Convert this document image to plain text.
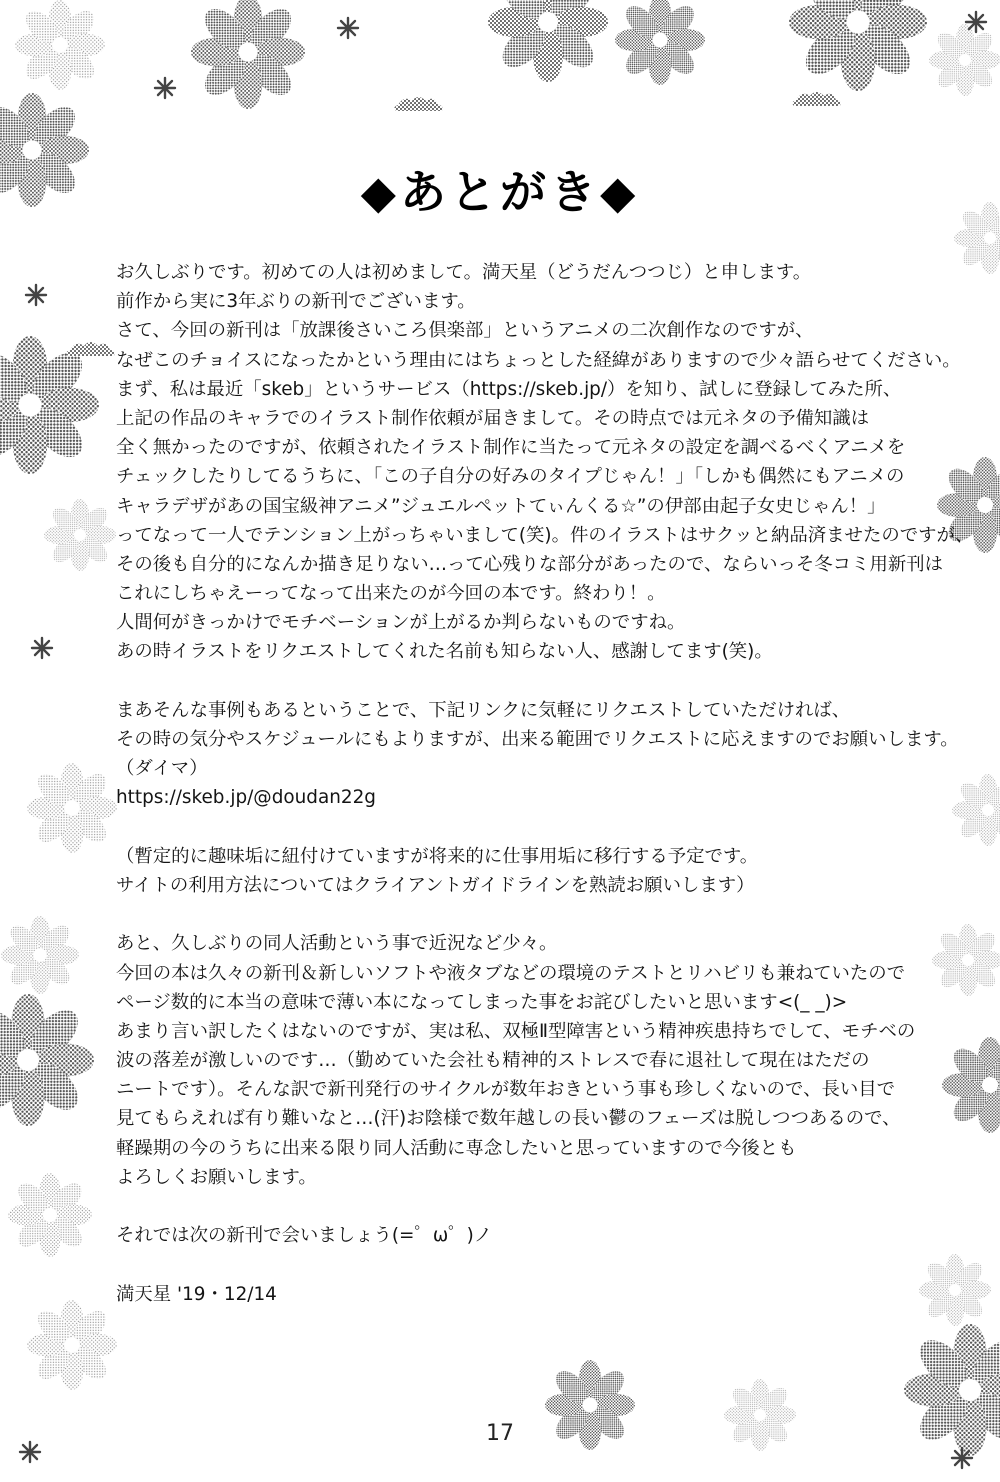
◆あとがき◆
お久しぶりです。初めての人は初めまして。満天星（どうだんつつじ）と申します。
前作から実に3年ぶりの新刊でございます。
さて、今回の新刊は「放課後さいころ倶楽部」というアニメの二次創作なのですが、
なぜこのチョイスになったかという理由にはちょっとした経緯がありますので少々語らせてください。
まず、私は最近「skeb」というサービス（https://skeb.jp/）を知り、試しに登録してみた所、
上記の作品のキャラでのイラスト制作依頼が届きまして。その時点では元ネタの予備知識は
全く無かったのですが、依頼されたイラスト制作に当たって元ネタの設定を調べるべくアニメを
チェックしたりしてるうちに、「この子自分の好みのタイプじゃん！」「しかも偶然にもアニメの
キャラデザがあの国宝級神アニメ”ジュエルペットてぃんくる☆”の伊部由起子女史じゃん！」
ってなって一人でテンション上がっちゃいまして(笑)。件のイラストはサクッと納品済ませたのですが、
その後も自分的になんか描き足りない…って心残りな部分があったので、ならいっそ冬コミ用新刊は
これにしちゃえーってなって出来たのが今回の本です。終わり！。
人間何がきっかけでモチベーションが上がるか判らないものですね。
あの時イラストをリクエストしてくれた名前も知らない人、感謝してます(笑)。
まあそんな事例もあるということで、下記リンクに気軽にリクエストしていただければ、
その時の気分やスケジュールにもよりますが、出来る範囲でリクエストに応えますのでお願いします。
（ダイマ）
https://skeb.jp/@doudan22g
（暫定的に趣味垢に紐付けていますが将来的に仕事用垢に移行する予定です。
サイトの利用方法についてはクライアントガイドラインを熟読お願いします）
あと、久しぶりの同人活動という事で近況など少々。
今回の本は久々の新刊＆新しいソフトや液タブなどの環境のテストとリハビリも兼ねていたので
ページ数的に本当の意味で薄い本になってしまった事をお詫びしたいと思います<(_ _)>
あまり言い訳したくはないのですが、実は私、双極Ⅱ型障害という精神疾患持ちでして、モチベの
波の落差が激しいのです…（勤めていた会社も精神的ストレスで春に退社して現在はただの
ニートです）。そんな訳で新刊発行のサイクルが数年おきという事も珍しくないので、長い目で
見てもらえれば有り難いなと…(汗)お陰様で数年越しの長い鬱のフェーズは脱しつつあるので、
軽躁期の今のうちに出来る限り同人活動に専念したいと思っていますので今後とも
よろしくお願いします。
それでは次の新刊で会いましょう(=゜ω゜)ノ
満天星 '19・12/14
17
